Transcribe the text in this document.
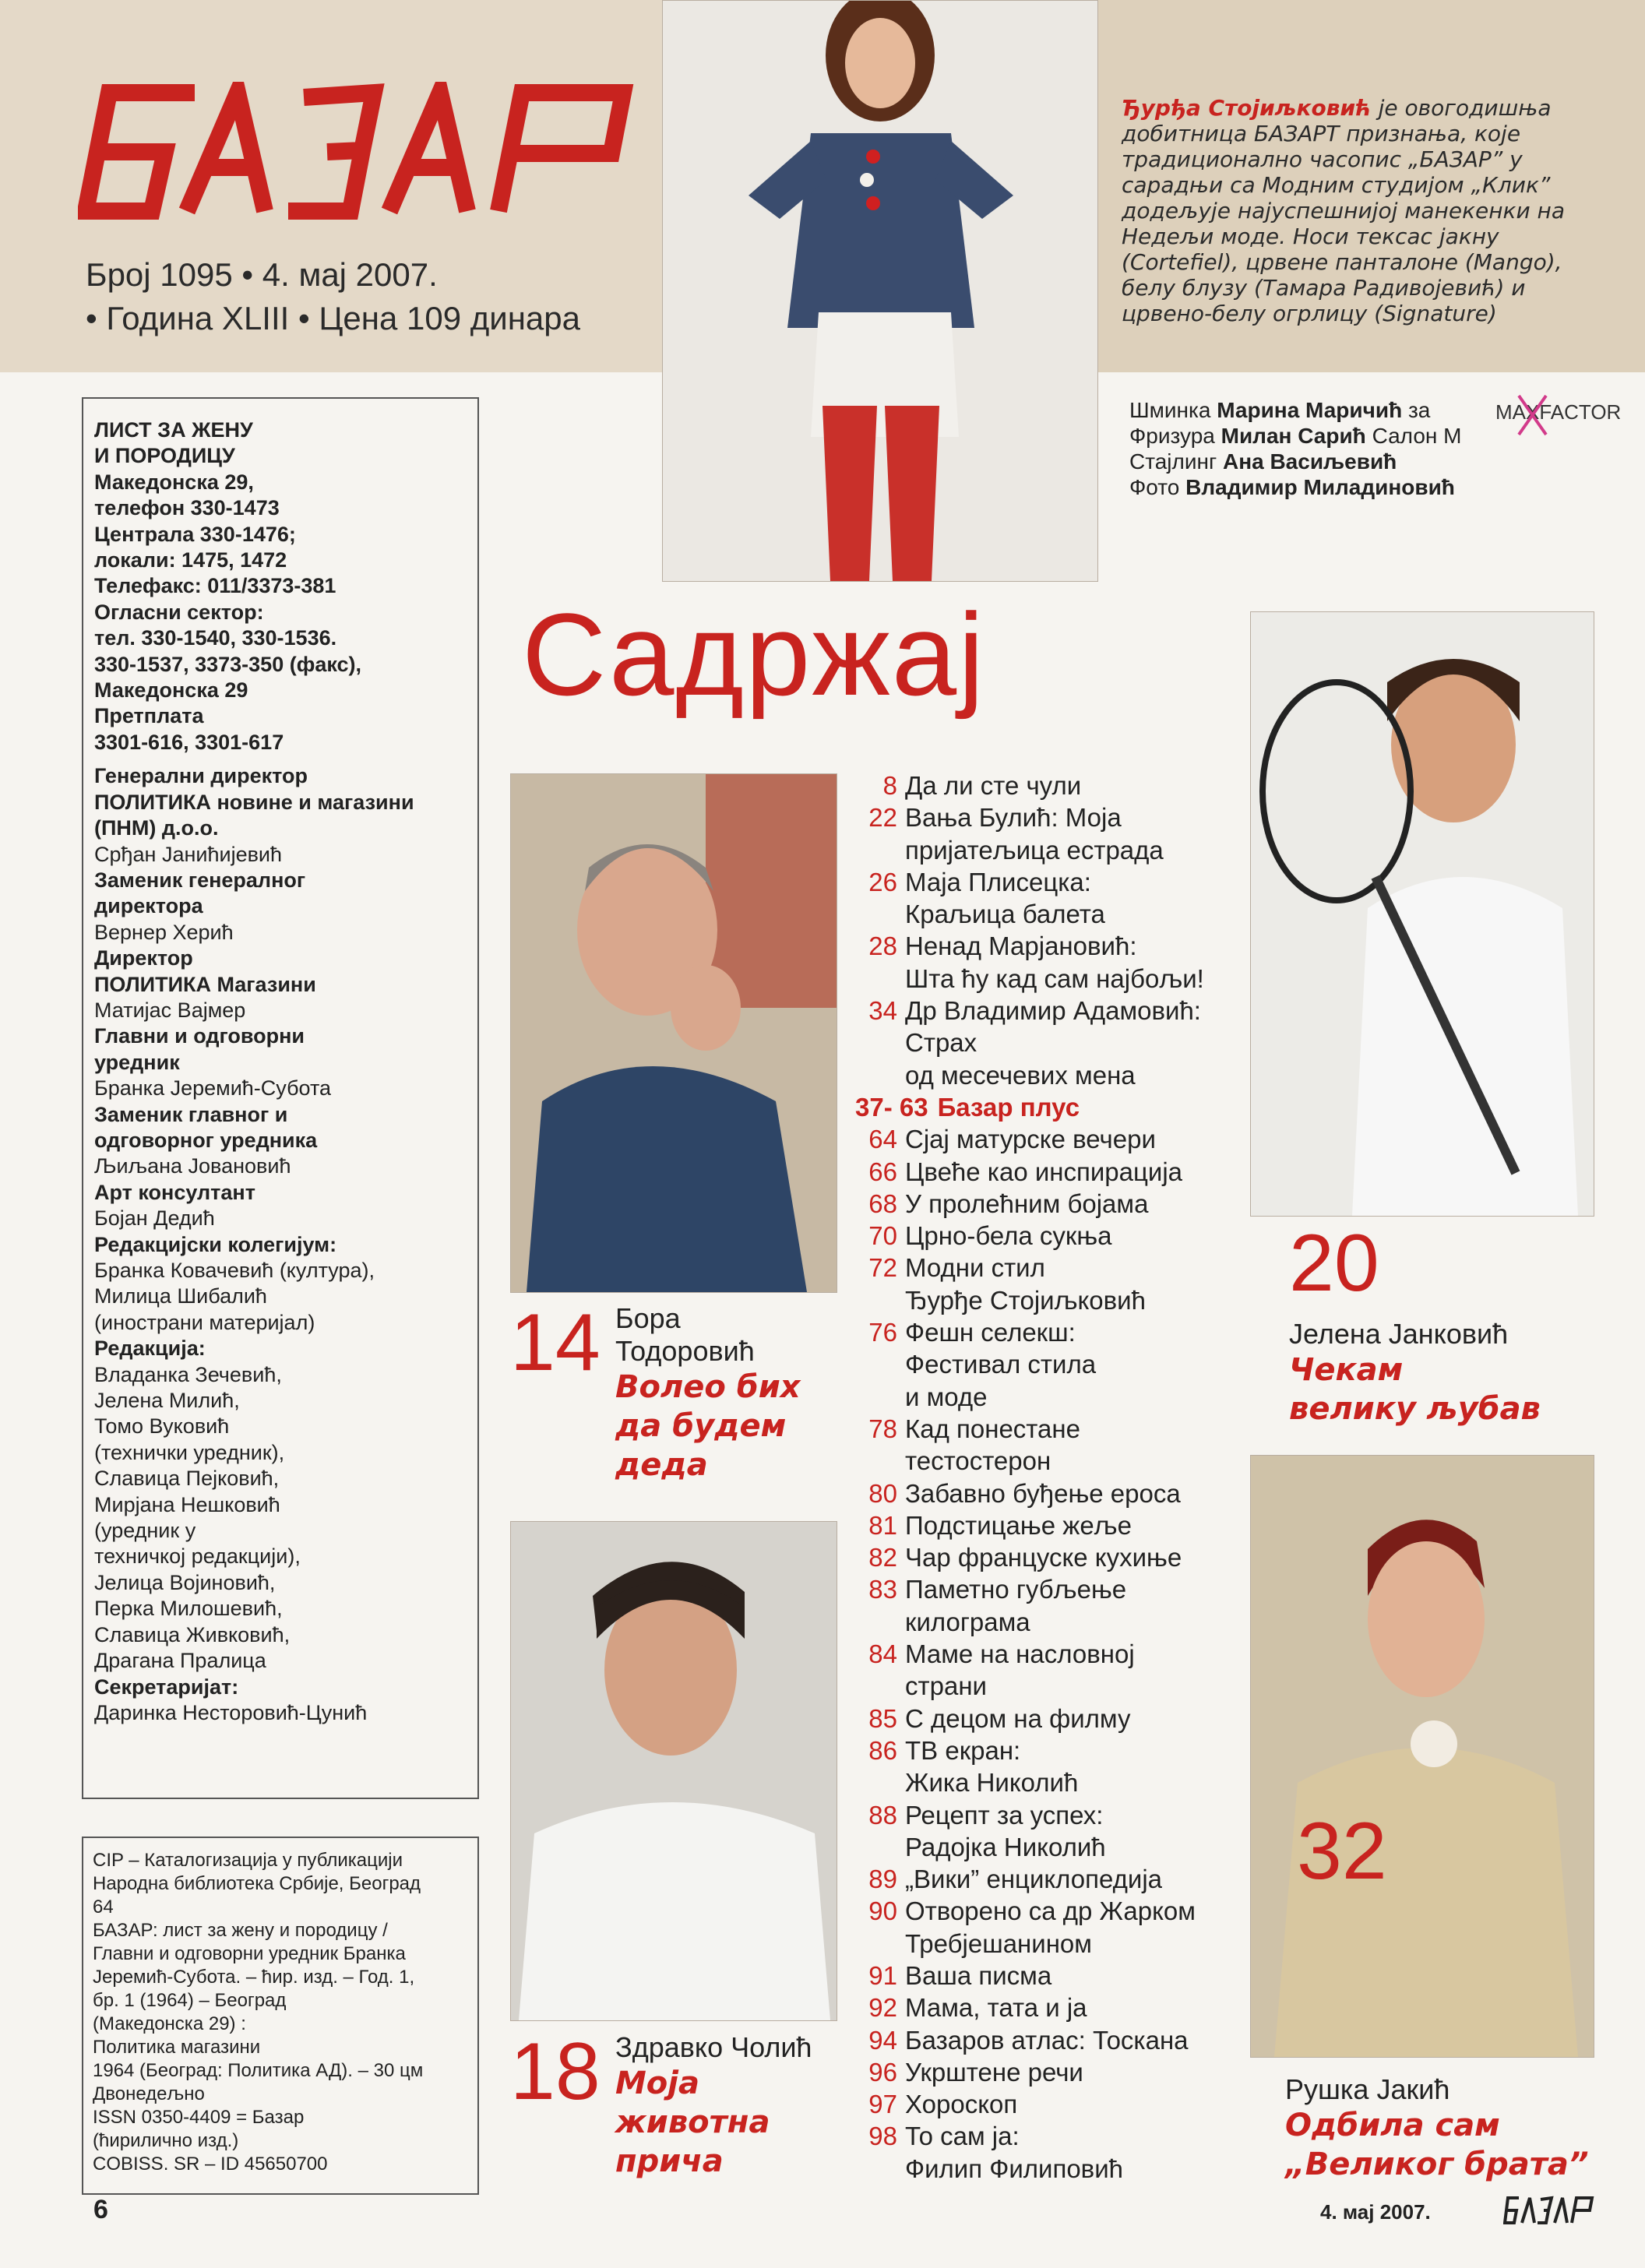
Број 1095 • 4. мај 2007.
• Година XLIII • Цена 109 динара
Ђурђа Стојиљковић је овогодишња добитница БАЗАРТ признања, које традиционално часопис „БАЗАР” у сарадњи са Модним студијом „Клик” додељује најуспешнијој манекенки на Недељи моде. Носи тексас јакну (Cortefiel), црвене панталоне (Mango), белу блузу (Тамара Радивојевић) и црвено-белу огрлицу (Signature)
Шминка Марина Маричић за
Фризура Милан Сарић Салон М
Стајлинг Ана Васиљевић
Фото Владимир Миладиновић
MAXFACTOR
ЛИСТ ЗА ЖЕНУ
И ПОРОДИЦУ
Македонска 29,
телефон 330-1473
Централа 330-1476;
локали: 1475, 1472
Телефакс: 011/3373-381
Огласни сектор:
тел. 330-1540, 330-1536.
330-1537, 3373-350 (факс),
Македонска 29
Претплата
3301-616, 3301-617
Генерални директор
ПОЛИТИКА новине и магазини
(ПНМ) д.о.о.
Срђан Јанићијевић
Заменик генералног
директора
Вернер Херић
Директор
ПОЛИТИКА Магазини
Матијас Вајмер
Главни и одговорни
уредник
Бранка Јеремић-Субота
Заменик главног и
одговорног уредника
Љиљана Јовановић
Арт консултант
Бојан Дедић
Редакцијски колегијум:
Бранка Ковачевић (култура),
Милица Шибалић
(инострани материјал)
Редакција:
Владанка Зечевић,
Јелена Милић,
Томо Вуковић
(технички уредник),
Славица Пејковић,
Мирјана Нешковић
(уредник у
техничкој редакцији),
Јелица Војиновић,
Перка Милошевић,
Славица Живковић,
Драгана Пралица
Секретаријат:
Даринка Несторовић-Цунић
CIP – Каталогизација у публикацији
Народна библиотека Србије, Београд
64
БАЗАР: лист за жену и породицу /
Главни и одговорни уредник Бранка
Јеремић-Субота. – ћир. изд. – Год. 1,
бр. 1 (1964) – Београд
(Македонска 29) :
Политика магазини
1964 (Београд: Политика АД). – 30 цм
Двонедељно
ISSN 0350-4409 = Базар
(ћирилично изд.)
COBISS. SR – ID 45650700
Садржај
14 Бора
Тодоровић
Волео бих
да будем
деда
18 Здравко Чолић
Моја
животна
прича
8 Да ли сте чули
22 Вања Булић: Моја
пријатељица естрада
26 Маја Плисецка:
Краљица балета
28 Ненад Марјановић:
Шта ћу кад сам најбољи!
34 Др Владимир Адамовић:
Страх
од месечевих мена
37- 63 Базар плус
64 Сјај матурске вечери
66 Цвеће као инспирација
68 У пролећним бојама
70 Црно-бела сукња
72 Модни стил
Ђурђе Стојиљковић
76 Фешн селекш:
Фестивал стила
и моде
78 Кад понестане
тестостерон
80 Забавно буђење ероса
81 Подстицање жеље
82 Чар француске кухиње
83 Паметно губљење
килограма
84 Маме на насловној
страни
85 С децом на филму
86 ТВ екран:
Жика Николић
88 Рецепт за успех:
Радојка Николић
89 „Вики” енциклопедија
90 Отворено са др Жарком
Требјешанином
91 Ваша писма
92 Мама, тата и ја
94 Базаров атлас: Тоскана
96 Укрштене речи
97 Хороскоп
98 То сам ја:
Филип Филиповић
20
Јелена Јанковић
Чекам
велику љубав
32
Рушка Јакић
Одбила сам
„Великог брата”
6	4. мај 2007.
